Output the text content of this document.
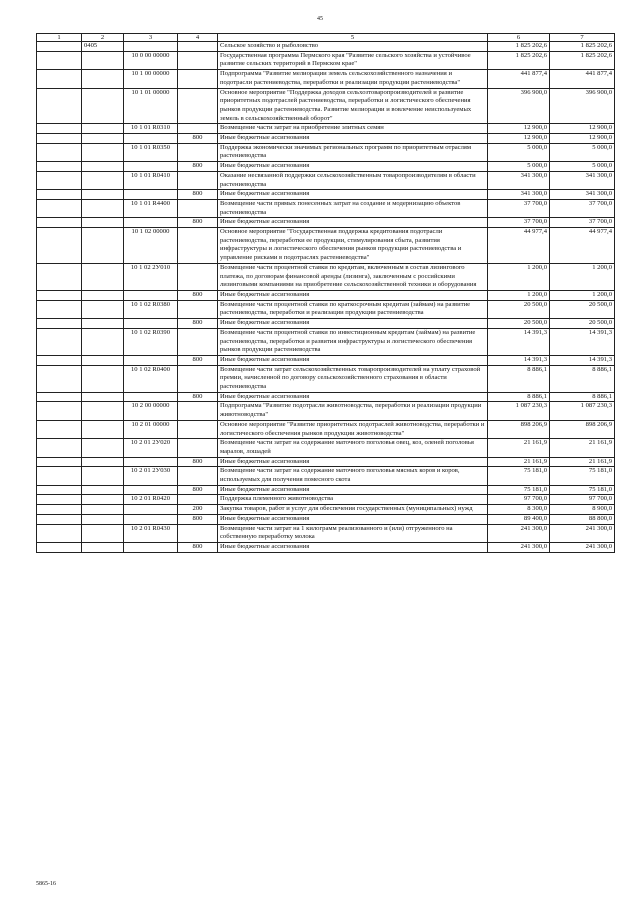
45
1	2	3	4	5	6	7
	0405			Сельское хозяйство и рыболовство	1 825 202,6	1 825 202,6
		10 0 00 00000		Государственная программа Пермского края "Развитие сельского хозяйства и устойчивое развитие сельских территорий в Пермском крае"	1 825 202,6	1 825 202,6
		10 1 00 00000		Подпрограмма "Развитие мелиорации земель сельскохозяйственного назначения и подотрасли растениеводства, переработки и реализации продукции растениеводства"	441 877,4	441 877,4
		10 1 01 00000		Основное мероприятие "Поддержка доходов сельхозтоваропроизводителей и развитие приоритетных подотраслей растениеводства, переработки и логистического обеспечения рынков продукции растениеводства. Развитие мелиорации и вовлечение неиспользуемых земель в сельскохозяйственный оборот"	396 900,0	396 900,0
		10 1 01 R0310		Возмещение части затрат на приобретение элитных семян	12 900,0	12 900,0
			800	Иные бюджетные ассигнования	12 900,0	12 900,0
		10 1 01 R0350		Поддержка экономически значимых региональных программ по приоритетным отраслям растениеводства	5 000,0	5 000,0
			800	Иные бюджетные ассигнования	5 000,0	5 000,0
		10 1 01 R0410		Оказание несвязанной поддержки сельскохозяйственным товаропроизводителям в области растениеводства	341 300,0	341 300,0
			800	Иные бюджетные ассигнования	341 300,0	341 300,0
		10 1 01 R4400		Возмещение части прямых понесенных затрат на создание и модернизацию объектов растениеводства	37 700,0	37 700,0
			800	Иные бюджетные ассигнования	37 700,0	37 700,0
		10 1 02 00000		Основное мероприятие "Государственная поддержка кредитования подотрасли растениеводства, переработки ее продукции, стимулирования сбыта, развития инфраструктуры и логистического обеспечения рынков продукции растениеводства и управление рисками в подотраслях растениеводства"	44 977,4	44 977,4
		10 1 02 2У010		Возмещение части процентной ставки по кредитам, включенным в состав лизингового платежа, по договорам финансовой аренды (лизинга), заключенным с российскими лизинговыми компаниями на приобретение сельскохозяйственной техники и оборудования	1 200,0	1 200,0
			800	Иные бюджетные ассигнования	1 200,0	1 200,0
		10 1 02 R0380		Возмещение части процентной ставки по краткосрочным кредитам (займам) на развитие растениеводства, переработки и реализации продукции растениеводства	20 500,0	20 500,0
			800	Иные бюджетные ассигнования	20 500,0	20 500,0
		10 1 02 R0390		Возмещение части процентной ставки по инвестиционным кредитам (займам) на развитие растениеводства, переработки и развития инфраструктуры и логистического обеспечения рынков продукции растениеводства	14 391,3	14 391,3
			800	Иные бюджетные ассигнования	14 391,3	14 391,3
		10 1 02 R0400		Возмещение части затрат сельскохозяйственных товаропроизводителей на уплату страховой премии, начисленной по договору сельскохозяйственного страхования в области растениеводства	8 886,1	8 886,1
			800	Иные бюджетные ассигнования	8 886,1	8 886,1
		10 2 00 00000		Подпрограмма "Развитие подотрасли животноводства, переработки и реализации продукции животноводства"	1 087 230,3	1 087 230,3
		10 2 01 00000		Основное мероприятие "Развитие приоритетных подотраслей животноводства, переработки и логистического обеспечения рынков продукции животноводства"	898 206,9	898 206,9
		10 2 01 2У020		Возмещение части затрат на содержание маточного поголовья овец, коз, оленей поголовья маралов, лошадей	21 161,9	21 161,9
			800	Иные бюджетные ассигнования	21 161,9	21 161,9
		10 2 01 2У030		Возмещение части затрат на содержание маточного поголовья мясных коров и коров, используемых для получения помесного скота	75 181,0	75 181,0
			800	Иные бюджетные ассигнования	75 181,0	75 181,0
		10 2 01 R0420		Поддержка племенного животноводства	97 700,0	97 700,0
			200	Закупка товаров, работ и услуг для обеспечения государственных (муниципальных) нужд	8 300,0	8 900,0
			800	Иные бюджетные ассигнования	89 400,0	88 800,0
		10 2 01 R0430		Возмещение части затрат на 1 килограмм реализованного и (или) отгруженного на собственную переработку молока	241 300,0	241 300,0
			800	Иные бюджетные ассигнования	241 300,0	241 300,0
5865-16
